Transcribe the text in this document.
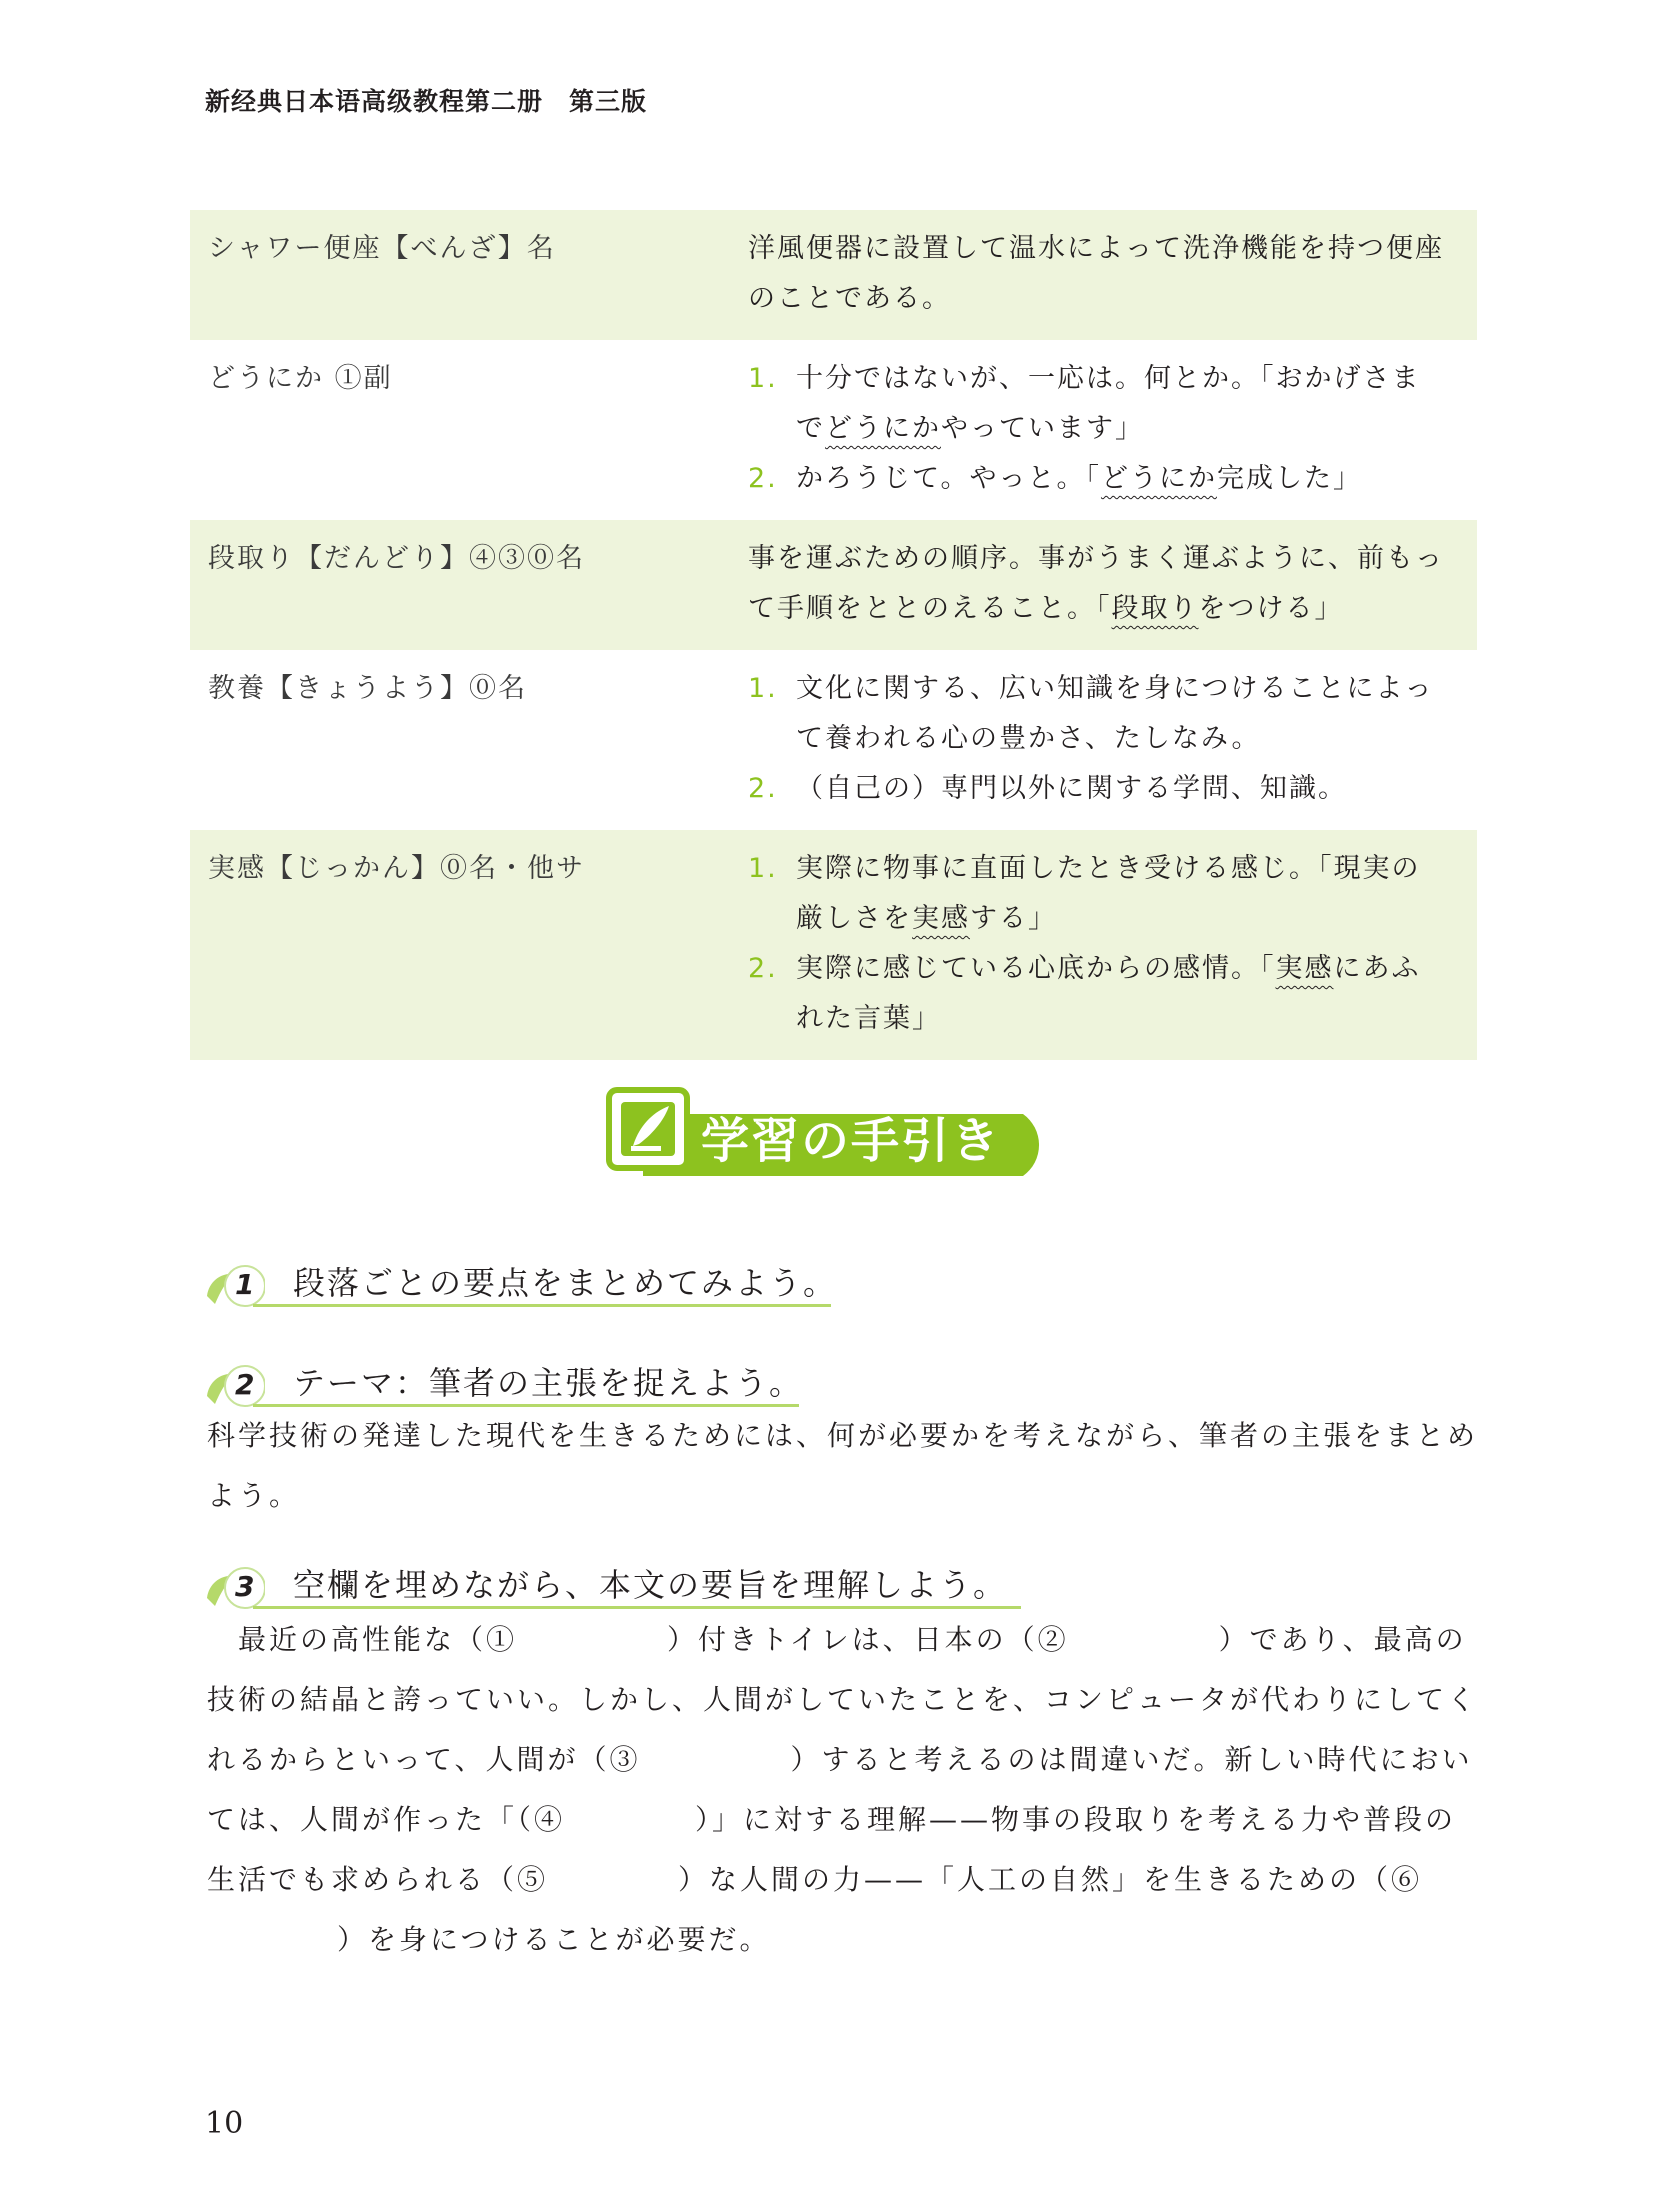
新经典日本语高级教程第二册　第三版
シャワー便座【べんざ】名	洋風便器に設置して温水によって洗浄機能を持つ便座のことである。
どうにか ①副	1. 十分ではないが、一応は。何とか。「おかげさまでどうにかやっています」
2. かろうじて。やっと。「どうにか完成した」
段取り【だんどり】④③⓪名	事を運ぶための順序。事がうまく運ぶように、前もって手順をととのえること。「段取りをつける」
教養【きょうよう】⓪名	1. 文化に関する、広い知識を身につけることによって養われる心の豊かさ、たしなみ。
2. （自己の）専門以外に関する学問、知識。
実感【じっかん】⓪名・他サ	1. 実際に物事に直面したとき受ける感じ。「現実の厳しさを実感する」
2. 実際に感じている心底からの感情。「実感にあふれた言葉」
学習の手引き
1 段落ごとの要点をまとめてみよう。
2 テーマ：筆者の主張を捉えよう。
科学技術の発達した現代を生きるためには、何が必要かを考えながら、筆者の主張をまとめよう。
3 空欄を埋めながら、本文の要旨を理解しよう。
　最近の高性能な（①	）付きトイレは、日本の（②	）であり、最高の技術の結晶と誇っていい。しかし、人間がしていたことを、コンピュータが代わりにしてくれるからといって、人間が（③	）すると考えるのは間違いだ。新しい時代においては、人間が作った「（④	）」に対する理解——物事の段取りを考える力や普段の生活でも求められる（⑤	）な人間の力——「人工の自然」を生きるための（⑥）を身につけることが必要だ。
10
